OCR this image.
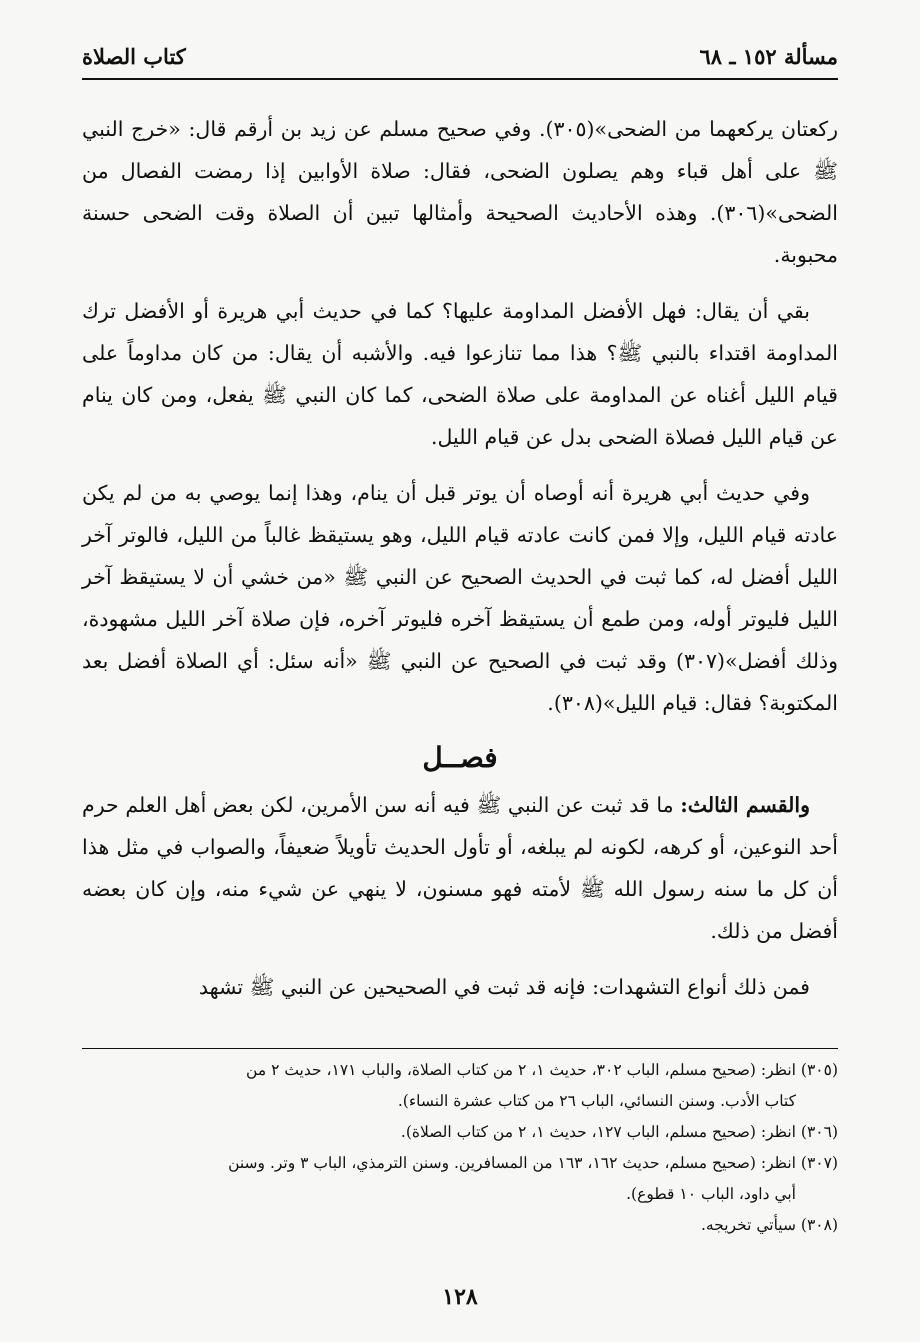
مسألة ١٥٢ ـ ٦٨
كتاب الصلاة

ركعتان يركعهما من الضحى»(٣٠٥). وفي صحيح مسلم عن زيد بن أرقم قال: «خرج النبي ﷺ على أهل قباء وهم يصلون الضحى، فقال: صلاة الأوابين إذا رمضت الفصال من الضحى»(٣٠٦). وهذه الأحاديث الصحيحة وأمثالها تبين أن الصلاة وقت الضحى حسنة محبوبة.

بقي أن يقال: فهل الأفضل المداومة عليها؟ كما في حديث أبي هريرة أو الأفضل ترك المداومة اقتداء بالنبي ﷺ؟ هذا مما تنازعوا فيه. والأشبه أن يقال: من كان مداوماً على قيام الليل أغناه عن المداومة على صلاة الضحى، كما كان النبي ﷺ يفعل، ومن كان ينام عن قيام الليل فصلاة الضحى بدل عن قيام الليل.

وفي حديث أبي هريرة أنه أوصاه أن يوتر قبل أن ينام، وهذا إنما يوصي به من لم يكن عادته قيام الليل، وإلا فمن كانت عادته قيام الليل، وهو يستيقظ غالباً من الليل، فالوتر آخر الليل أفضل له، كما ثبت في الحديث الصحيح عن النبي ﷺ «من خشي أن لا يستيقظ آخر الليل فليوتر أوله، ومن طمع أن يستيقظ آخره فليوتر آخره، فإن صلاة آخر الليل مشهودة، وذلك أفضل»(٣٠٧) وقد ثبت في الصحيح عن النبي ﷺ «أنه سئل: أي الصلاة أفضل بعد المكتوبة؟ فقال: قيام الليل»(٣٠٨).

فصــل

والقسم الثالث: ما قد ثبت عن النبي ﷺ فيه أنه سن الأمرين، لكن بعض أهل العلم حرم أحد النوعين، أو كرهه، لكونه لم يبلغه، أو تأول الحديث تأويلاً ضعيفاً، والصواب في مثل هذا أن كل ما سنه رسول الله ﷺ لأمته فهو مسنون، لا ينهي عن شيء منه، وإن كان بعضه أفضل من ذلك.

فمن ذلك أنواع التشهدات: فإنه قد ثبت في الصحيحين عن النبي ﷺ تشهد

(٣٠٥) انظر: (صحيح مسلم، الباب ٣٠٢، حديث ١، ٢ من كتاب الصلاة، والباب ١٧١، حديث ٢ من

كتاب الأدب. وسنن النسائي، الباب ٢٦ من كتاب عشرة النساء).

(٣٠٦) انظر: (صحيح مسلم، الباب ١٢٧، حديث ١، ٢ من كتاب الصلاة).

(٣٠٧) انظر: (صحيح مسلم، حديث ١٦٢، ١٦٣ من المسافرين. وسنن الترمذي، الباب ٣ وتر. وسنن

أبي داود، الباب ١٠ قطوع).

(٣٠٨) سيأتي تخريجه.

١٢٨
